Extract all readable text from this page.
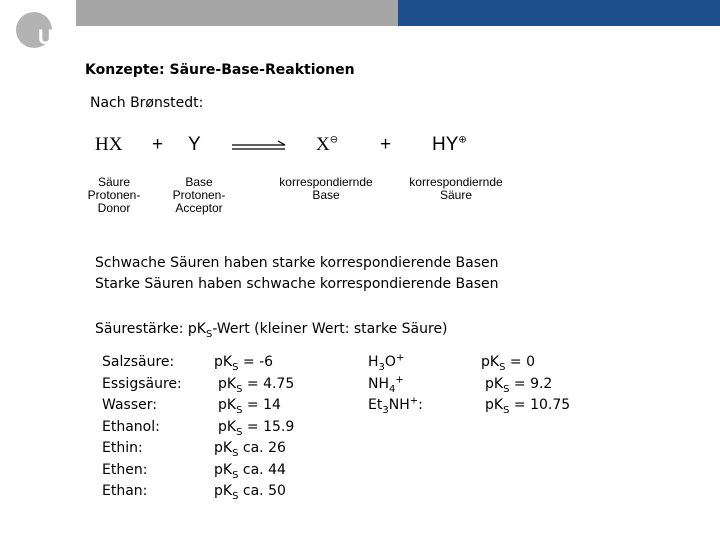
UR
Konzepte: Säure-Base-Reaktionen
Nach Brønstedt:
HX + Y	X⊖ + HY⊕
Säure
Protonen-
Donor
Base
Protonen-
Acceptor
korrespondiernde
Base
korrespondiernde
Säure
Schwache Säuren haben starke korrespondierende Basen
Starke Säuren haben schwache korrespondierende Basen
Säurestärke: $pK_S$-Wert (kleiner Wert: starke Säure)
Salzsäure:
Essigsäure:
Wasser:
Ethanol:
Ethin:
Ethen:
Ethan:
$pK_S = -6$
$pK_S = 4.75$
$pK_S = 14$
$pK_S = 15.9$
$pK_S$ ca. 26
$pK_S$ ca. 44
$pK_S$ ca. 50
$H_3O^+$
$NH_4^+$
$Et_3NH^+$:
$pK_S = 0$
$pK_S = 9.2$
$pK_S = 10.75$
